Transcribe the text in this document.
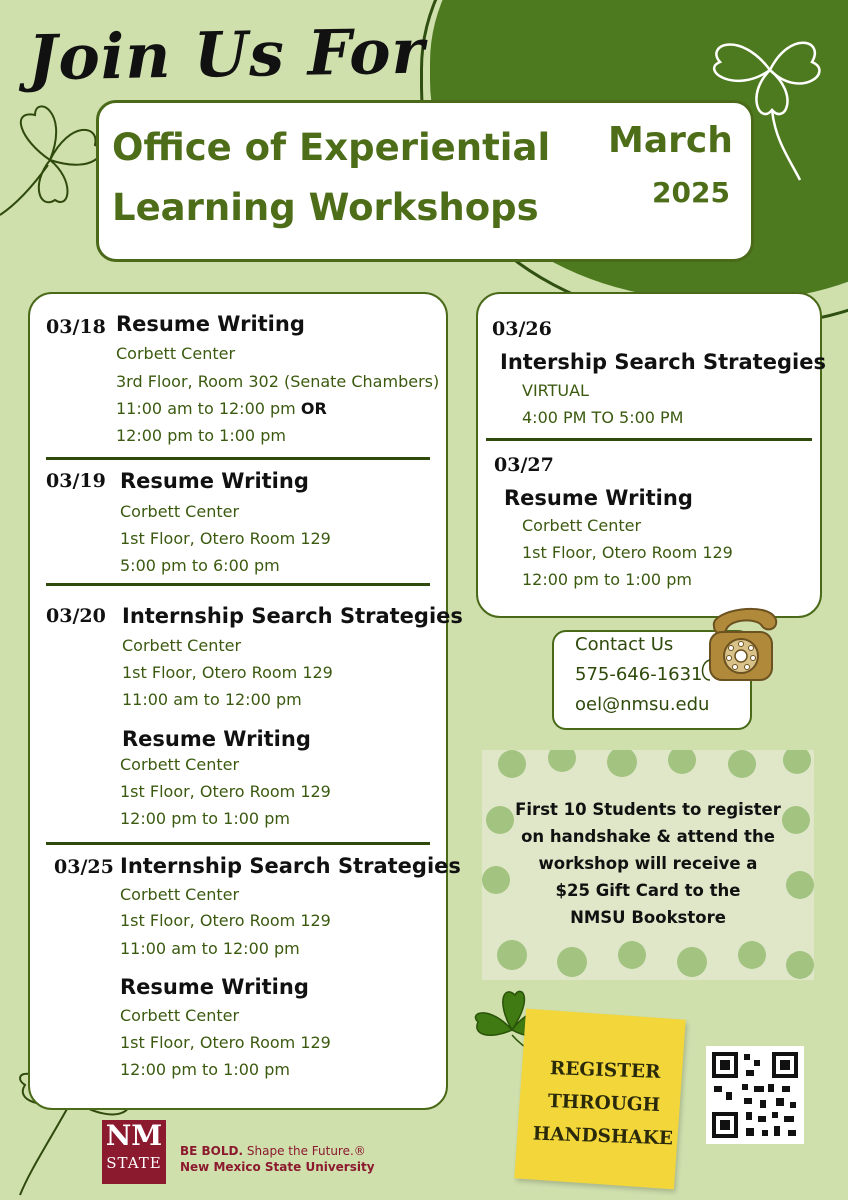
Join Us For
Office of Experiential
Learning Workshops
March
2025
03/18 Resume Writing
Corbett Center
3rd Floor, Room 302 (Senate Chambers)
11:00 am to 12:00 pm OR
12:00 pm to 1:00 pm
03/19 Resume Writing
Corbett Center
1st Floor, Otero Room 129
5:00 pm to 6:00 pm
03/20 Internship Search Strategies
Corbett Center
1st Floor, Otero Room 129
11:00 am to 12:00 pm
Resume Writing
Corbett Center
1st Floor, Otero Room 129
12:00 pm to 1:00 pm
03/25 Internship Search Strategies
Corbett Center
1st Floor, Otero Room 129
11:00 am to 12:00 pm
Resume Writing
Corbett Center
1st Floor, Otero Room 129
12:00 pm to 1:00 pm
03/26
Intership Search Strategies
VIRTUAL
4:00 PM TO 5:00 PM
03/27
Resume Writing
Corbett Center
1st Floor, Otero Room 129
12:00 pm to 1:00 pm
Contact Us
575-646-1631
oel@nmsu.edu
First 10 Students to register
on handshake & attend the
workshop will receive a
$25 Gift Card to the
NMSU Bookstore
REGISTER
THROUGH
HANDSHAKE
NM
STATE
BE BOLD. Shape the Future.®
New Mexico State University
